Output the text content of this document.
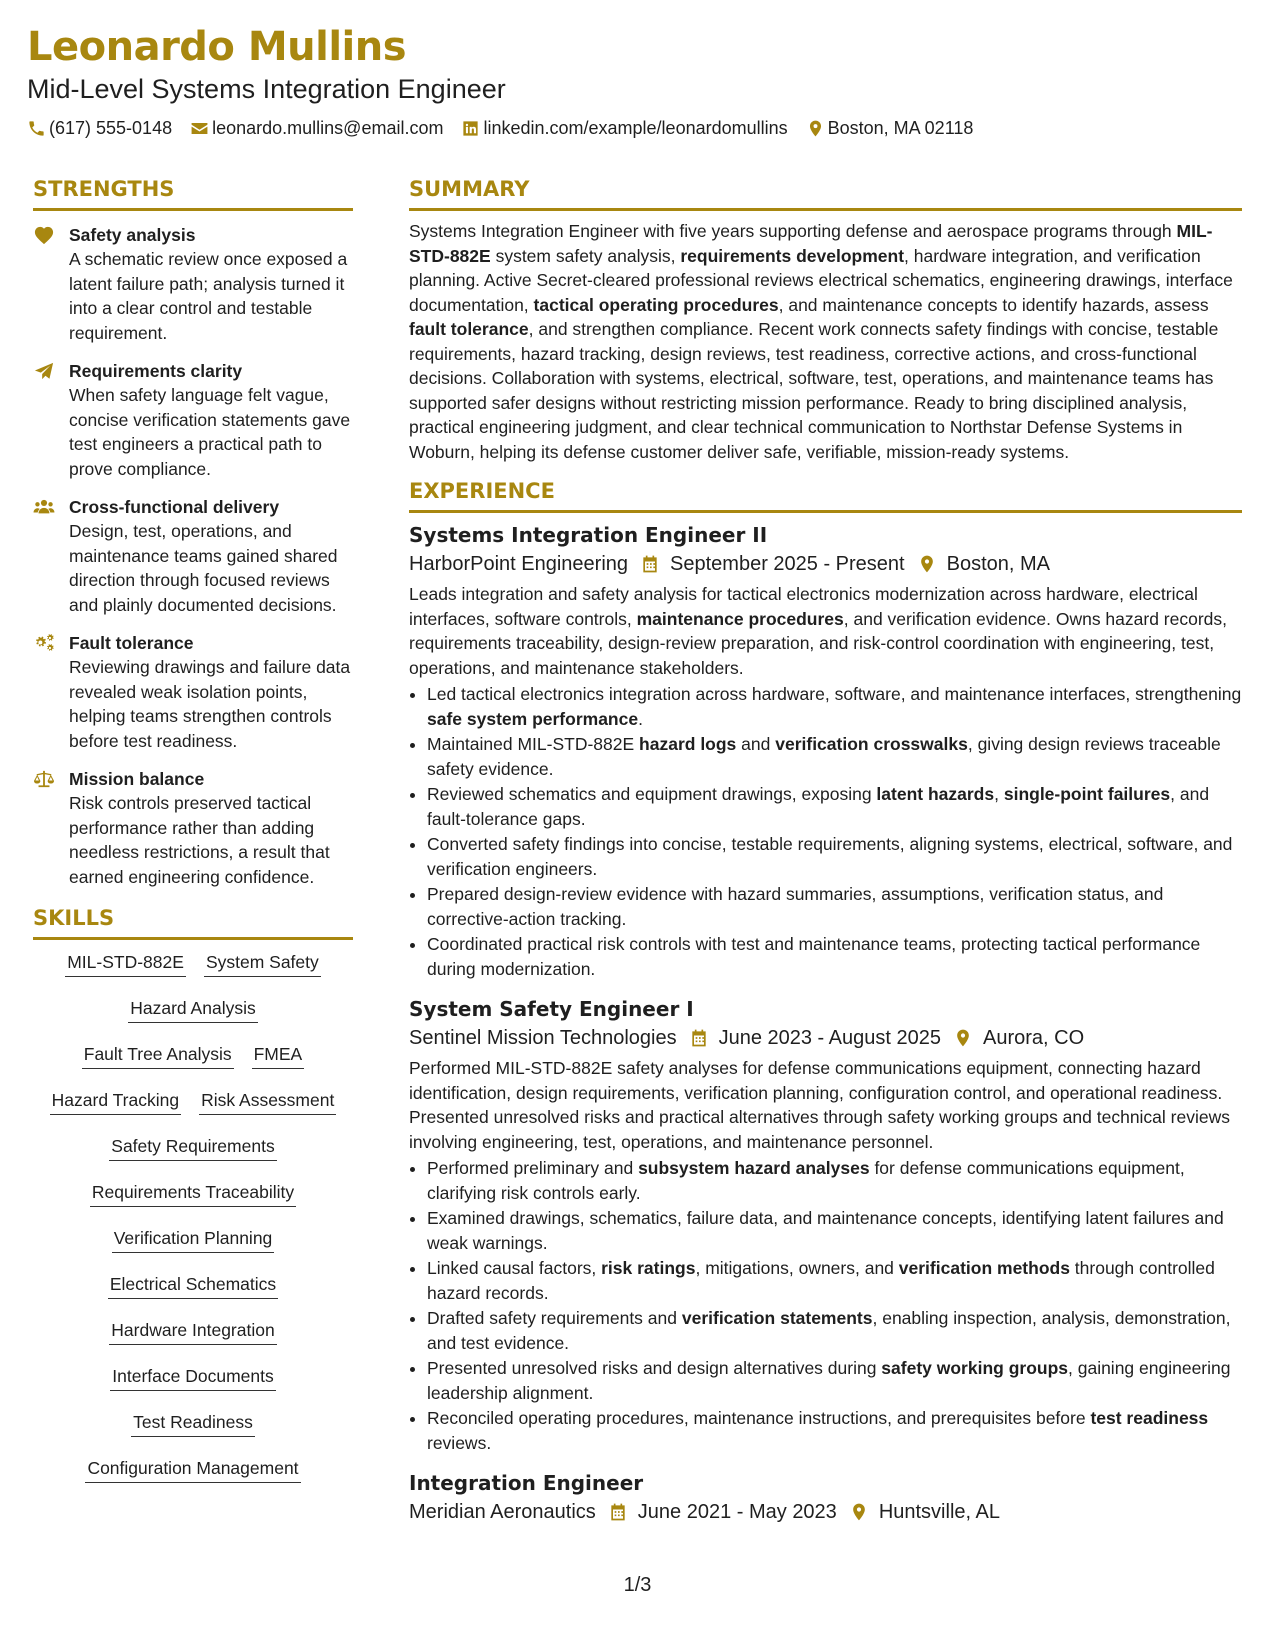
Leonardo Mullins
Mid-Level Systems Integration Engineer
(617) 555-0148 leonardo.mullins@email.com linkedin.com/example/leonardomullins Boston, MA 02118
STRENGTHS
Safety analysis
A schematic review once exposed a latent failure path; analysis turned it into a clear control and testable requirement.
Requirements clarity
When safety language felt vague, concise verification statements gave test engineers a practical path to prove compliance.
Cross-functional delivery
Design, test, operations, and maintenance teams gained shared direction through focused reviews and plainly documented decisions.
Fault tolerance
Reviewing drawings and failure data revealed weak isolation points, helping teams strengthen controls before test readiness.
Mission balance
Risk controls preserved tactical performance rather than adding needless restrictions, a result that earned engineering confidence.
SKILLS
MIL-STD-882E System Safety
Hazard Analysis
Fault Tree Analysis FMEA
Hazard Tracking Risk Assessment
Safety Requirements
Requirements Traceability
Verification Planning
Electrical Schematics
Hardware Integration
Interface Documents
Test Readiness
Configuration Management
SUMMARY
Systems Integration Engineer with five years supporting defense and aerospace programs through MIL-STD-882E system safety analysis, requirements development, hardware integration, and verification planning. Active Secret-cleared professional reviews electrical schematics, engineering drawings, interface documentation, tactical operating procedures, and maintenance concepts to identify hazards, assess fault tolerance, and strengthen compliance. Recent work connects safety findings with concise, testable requirements, hazard tracking, design reviews, test readiness, corrective actions, and cross-functional decisions. Collaboration with systems, electrical, software, test, operations, and maintenance teams has supported safer designs without restricting mission performance. Ready to bring disciplined analysis, practical engineering judgment, and clear technical communication to Northstar Defense Systems in Woburn, helping its defense customer deliver safe, verifiable, mission-ready systems.
EXPERIENCE
Systems Integration Engineer II
HarborPoint Engineering September 2025 - Present Boston, MA
Leads integration and safety analysis for tactical electronics modernization across hardware, electrical interfaces, software controls, maintenance procedures, and verification evidence. Owns hazard records, requirements traceability, design-review preparation, and risk-control coordination with engineering, test, operations, and maintenance stakeholders.
• Led tactical electronics integration across hardware, software, and maintenance interfaces, strengthening safe system performance.
• Maintained MIL-STD-882E hazard logs and verification crosswalks, giving design reviews traceable safety evidence.
• Reviewed schematics and equipment drawings, exposing latent hazards, single-point failures, and fault-tolerance gaps.
• Converted safety findings into concise, testable requirements, aligning systems, electrical, software, and verification engineers.
• Prepared design-review evidence with hazard summaries, assumptions, verification status, and corrective-action tracking.
• Coordinated practical risk controls with test and maintenance teams, protecting tactical performance during modernization.
System Safety Engineer I
Sentinel Mission Technologies June 2023 - August 2025 Aurora, CO
Performed MIL-STD-882E safety analyses for defense communications equipment, connecting hazard identification, design requirements, verification planning, configuration control, and operational readiness. Presented unresolved risks and practical alternatives through safety working groups and technical reviews involving engineering, test, operations, and maintenance personnel.
• Performed preliminary and subsystem hazard analyses for defense communications equipment, clarifying risk controls early.
• Examined drawings, schematics, failure data, and maintenance concepts, identifying latent failures and weak warnings.
• Linked causal factors, risk ratings, mitigations, owners, and verification methods through controlled hazard records.
• Drafted safety requirements and verification statements, enabling inspection, analysis, demonstration, and test evidence.
• Presented unresolved risks and design alternatives during safety working groups, gaining engineering leadership alignment.
• Reconciled operating procedures, maintenance instructions, and prerequisites before test readiness reviews.
Integration Engineer
Meridian Aeronautics June 2021 - May 2023 Huntsville, AL
1/3
